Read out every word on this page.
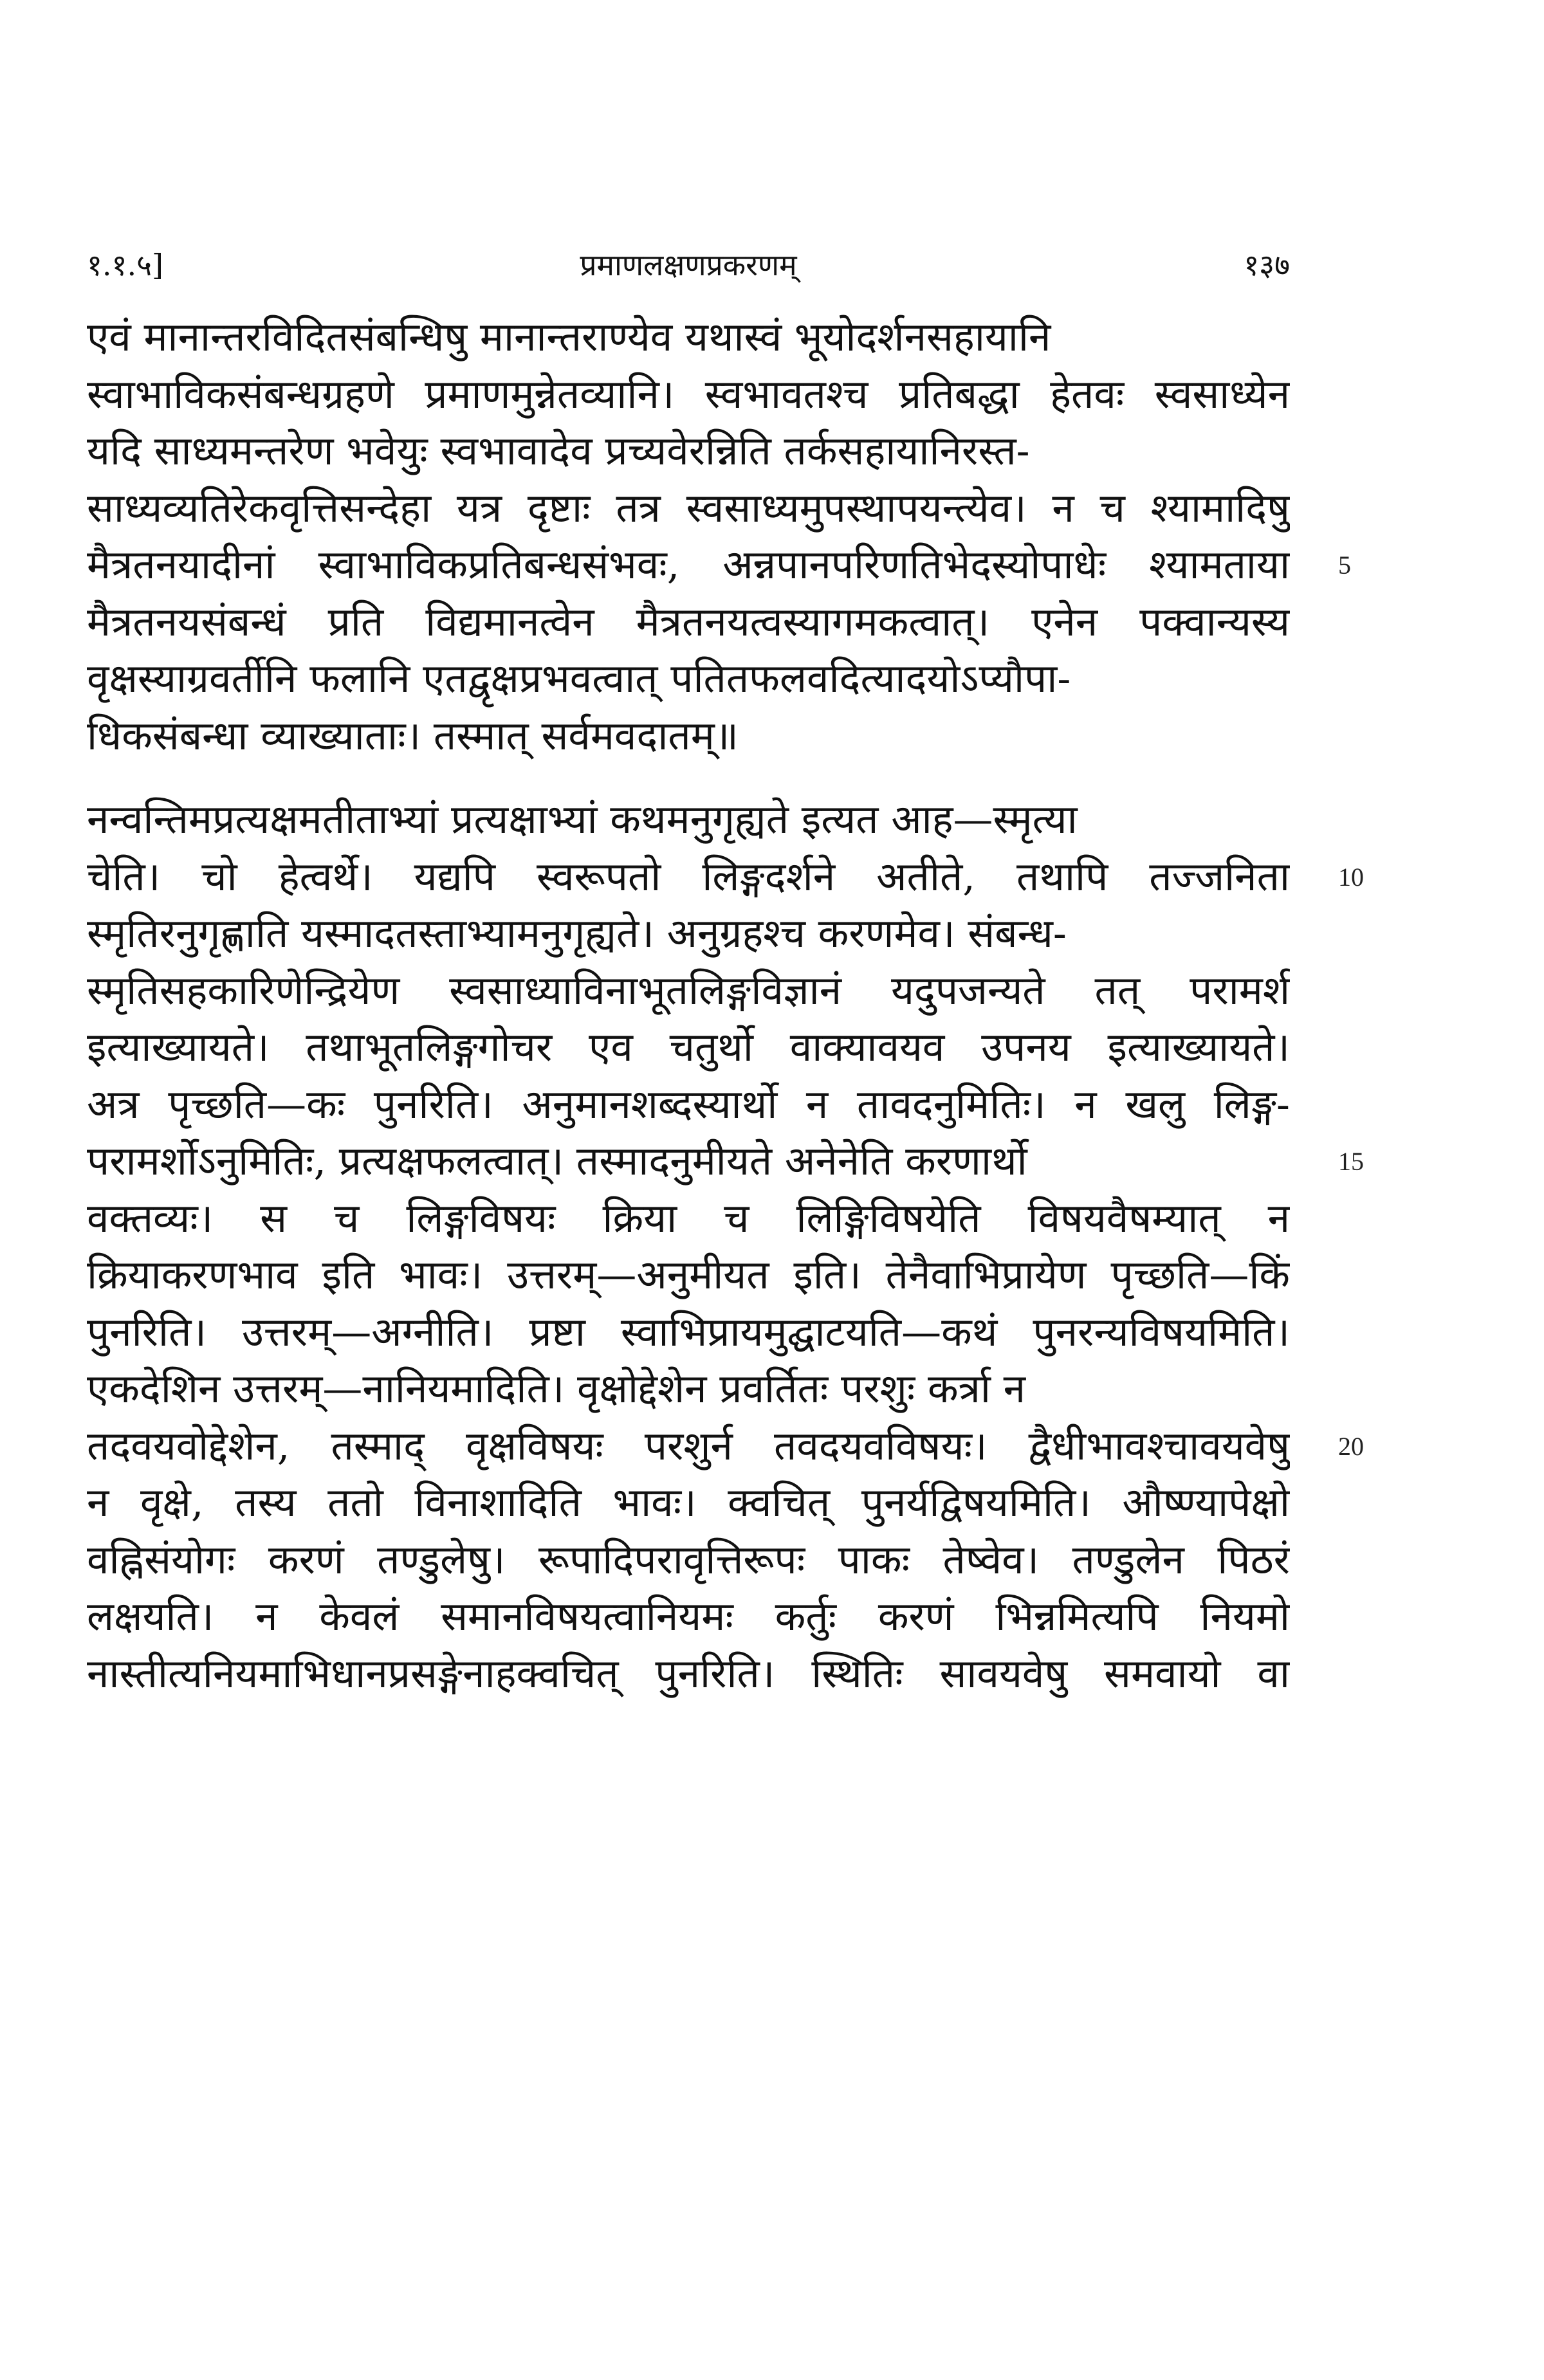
१.१.५]	प्रमाणलक्षणप्रकरणम्	१३७
एवं मानान्तरविदितसंबन्धिषु मानान्तराण्येव यथास्वं भूयोदर्शनसहायानि
स्वाभाविकसंबन्धग्रहणे प्रमाणमुन्नेतव्यानि। स्वभावतश्च प्रतिबद्धा हेतवः स्वसाध्येन
यदि साध्यमन्तरेण भवेयुः स्वभावादेव प्रच्यवेरन्निति तर्कसहायानिरस्त-
साध्यव्यतिरेकवृत्तिसन्देहा यत्र दृष्टाः तत्र स्वसाध्यमुपस्थापयन्त्येव। न च श्यामादिषु
मैत्रतनयादीनां स्वाभाविकप्रतिबन्धसंभवः, अन्नपानपरिणतिभेदस्योपाधेः श्यामताया
मैत्रतनयसंबन्धं प्रति विद्यमानत्वेन मैत्रतनयत्वस्यागमकत्वात्। एनेन पक्वान्यस्य
वृक्षस्याग्रवर्तीनि फलानि एतद्वृक्षप्रभवत्वात् पतितफलवदित्यादयोऽप्यौपा-
धिकसंबन्धा व्याख्याताः। तस्मात् सर्वमवदातम्॥
नन्वन्तिमप्रत्यक्षमतीताभ्यां प्रत्यक्षाभ्यां कथमनुगृह्यते इत्यत आह—स्मृत्या
चेति। चो हेत्वर्थे। यद्यपि स्वरूपतो लिङ्गदर्शने अतीते, तथापि तज्जनिता
स्मृतिरनुगृह्णाति यस्मादतस्ताभ्यामनुगृह्यते। अनुग्रहश्च करणमेव। संबन्ध-
स्मृतिसहकारिणेन्द्रियेण स्वसाध्याविनाभूतलिङ्गविज्ञानं यदुपजन्यते तत् परामर्श
इत्याख्यायते। तथाभूतलिङ्गगोचर एव चतुर्थो वाक्यावयव उपनय इत्याख्यायते।
अत्र पृच्छति—कः पुनरिति। अनुमानशब्दस्यार्थो न तावदनुमितिः। न खलु लिङ्ग-
परामर्शोऽनुमितिः, प्रत्यक्षफलत्वात्। तस्मादनुमीयते अनेनेति करणार्थो
वक्तव्यः। स च लिङ्गविषयः क्रिया च लिङ्गिविषयेति विषयवैषम्यात् न
क्रियाकरणभाव इति भावः। उत्तरम्—अनुमीयत इति। तेनैवाभिप्रायेण पृच्छति—किं
पुनरिति। उत्तरम्—अग्नीति। प्रष्टा स्वाभिप्रायमुद्घाटयति—कथं पुनरन्यविषयमिति।
एकदेशिन उत्तरम्—नानियमादिति। वृक्षोद्देशेन प्रवर्तितः परशुः कर्त्रा न
तदवयवोद्देशेन, तस्माद् वृक्षविषयः परशुर्न तवदयवविषयः। द्वैधीभावश्चावयवेषु
न वृक्षे, तस्य ततो विनाशादिति भावः। क्वचित् पुनर्यद्विषयमिति। औष्ण्यापेक्षो
वह्निसंयोगः करणं तण्डुलेषु। रूपादिपरावृत्तिरूपः पाकः तेष्वेव। तण्डुलेन पिठरं
लक्षयति। न केवलं समानविषयत्वानियमः कर्तुः करणं भिन्नमित्यपि नियमो
नास्तीत्यनियमाभिधानप्रसङ्गेनाहक्वचित् पुनरिति। स्थितिः सावयवेषु समवायो वा
5
10
15
20
